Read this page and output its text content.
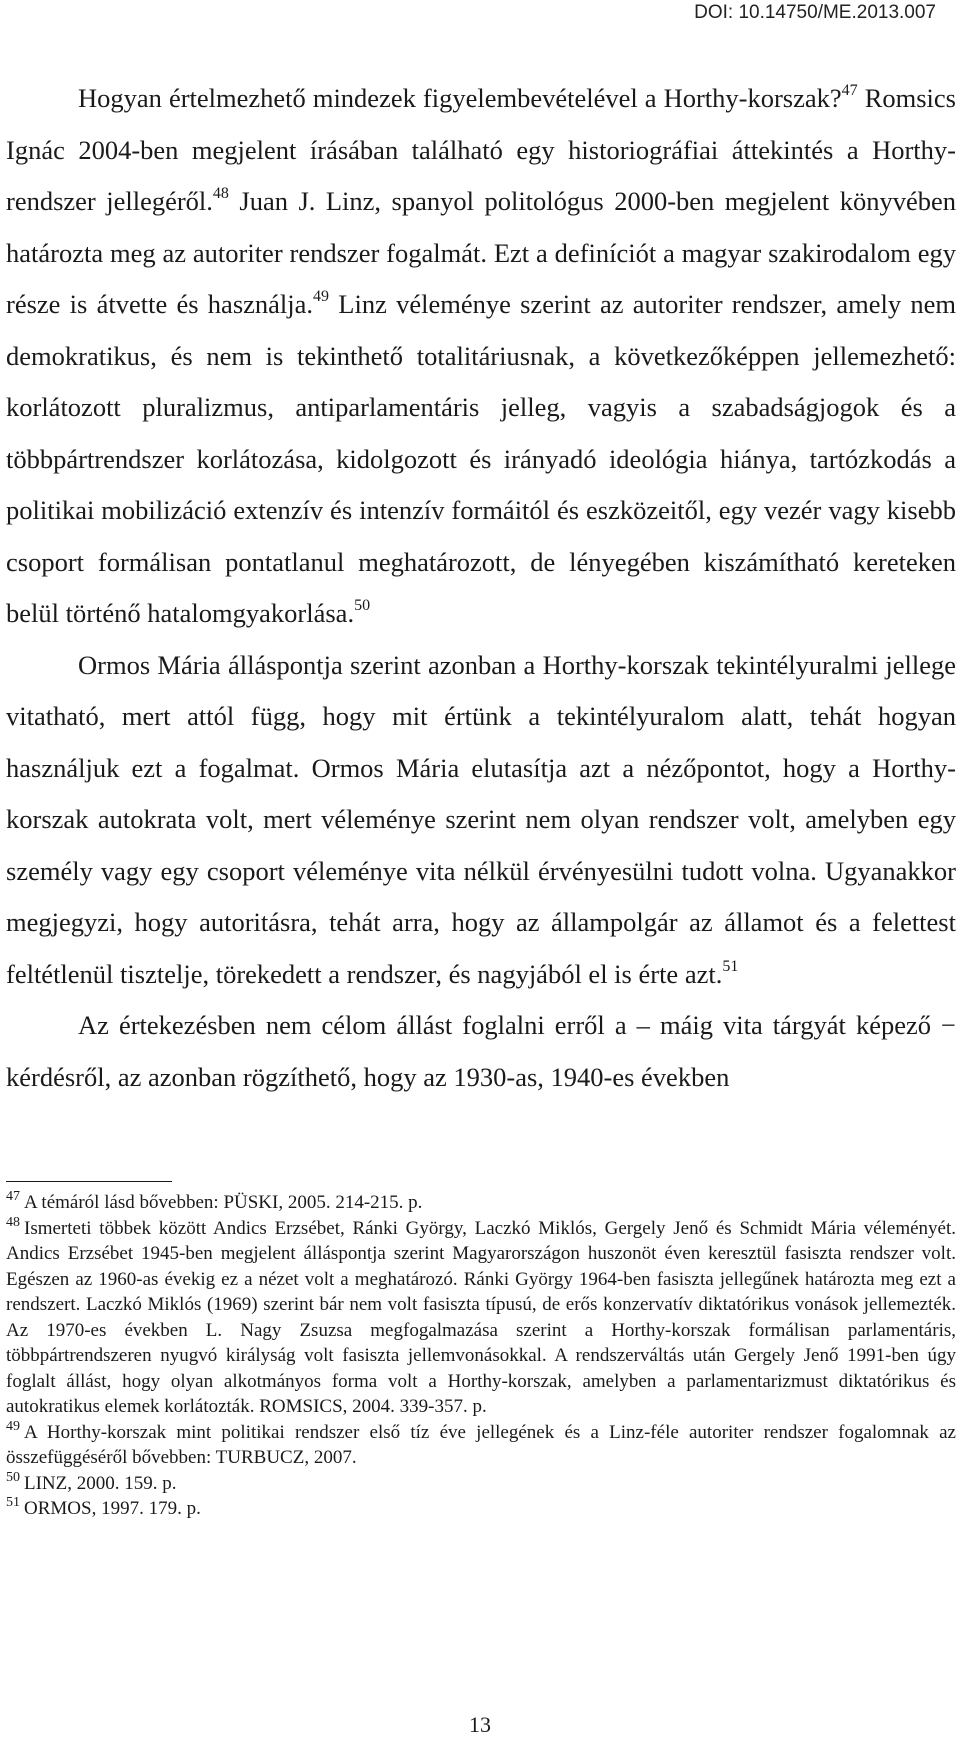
DOI: 10.14750/ME.2013.007

Hogyan értelmezhető mindezek figyelembevételével a Horthy-korszak?$^{47}$ Romsics Ignác 2004-ben megjelent írásában található egy historiográfiai áttekintés a Horthy-rendszer jellegéről.$^{48}$ Juan J. Linz, spanyol politológus 2000-ben megjelent könyvében határozta meg az autoriter rendszer fogalmát. Ezt a definíciót a magyar szakirodalom egy része is átvette és használja.$^{49}$ Linz véleménye szerint az autoriter rendszer, amely nem demokratikus, és nem is tekinthető totalitáriusnak, a következőképpen jellemezhető: korlátozott pluralizmus, antiparlamentáris jelleg, vagyis a szabadságjogok és a többpártrendszer korlátozása, kidolgozott és irányadó ideológia hiánya, tartózkodás a politikai mobilizáció extenzív és intenzív formáitól és eszközeitől, egy vezér vagy kisebb csoport formálisan pontatlanul meghatározott, de lényegében kiszámítható kereteken belül történő hatalomgyakorlása.$^{50}$

Ormos Mária álláspontja szerint azonban a Horthy-korszak tekintélyuralmi jellege vitatható, mert attól függ, hogy mit értünk a tekintélyuralom alatt, tehát hogyan használjuk ezt a fogalmat. Ormos Mária elutasítja azt a nézőpontot, hogy a Horthy-korszak autokrata volt, mert véleménye szerint nem olyan rendszer volt, amelyben egy személy vagy egy csoport véleménye vita nélkül érvényesülni tudott volna. Ugyanakkor megjegyzi, hogy autoritásra, tehát arra, hogy az állampolgár az államot és a felettest feltétlenül tisztelje, törekedett a rendszer, és nagyjából el is érte azt.$^{51}$

Az értekezésben nem célom állást foglalni erről a – máig vita tárgyát képező − kérdésről, az azonban rögzíthető, hogy az 1930-as, 1940-es években

$^{47}$ A témáról lásd bővebben: PÜSKI, 2005. 214-215. p.

$^{48}$ Ismerteti többek között Andics Erzsébet, Ránki György, Laczkó Miklós, Gergely Jenő és Schmidt Mária véleményét. Andics Erzsébet 1945-ben megjelent álláspontja szerint Magyarországon huszonöt éven keresztül fasiszta rendszer volt. Egészen az 1960-as évekig ez a nézet volt a meghatározó. Ránki György 1964-ben fasiszta jellegűnek határozta meg ezt a rendszert. Laczkó Miklós (1969) szerint bár nem volt fasiszta típusú, de erős konzervatív diktatórikus vonások jellemezték. Az 1970-es években L. Nagy Zsuzsa megfogalmazása szerint a Horthy-korszak formálisan parlamentáris, többpártrendszeren nyugvó királyság volt fasiszta jellemvonásokkal. A rendszerváltás után Gergely Jenő 1991-ben úgy foglalt állást, hogy olyan alkotmányos forma volt a Horthy-korszak, amelyben a parlamentarizmust diktatórikus és autokratikus elemek korlátozták. ROMSICS, 2004. 339-357. p.

$^{49}$ A Horthy-korszak mint politikai rendszer első tíz éve jellegének és a Linz-féle autoriter rendszer fogalomnak az összefüggéséről bővebben: TURBUCZ, 2007.

$^{50}$ LINZ, 2000. 159. p.

$^{51}$ ORMOS, 1997. 179. p.

13
